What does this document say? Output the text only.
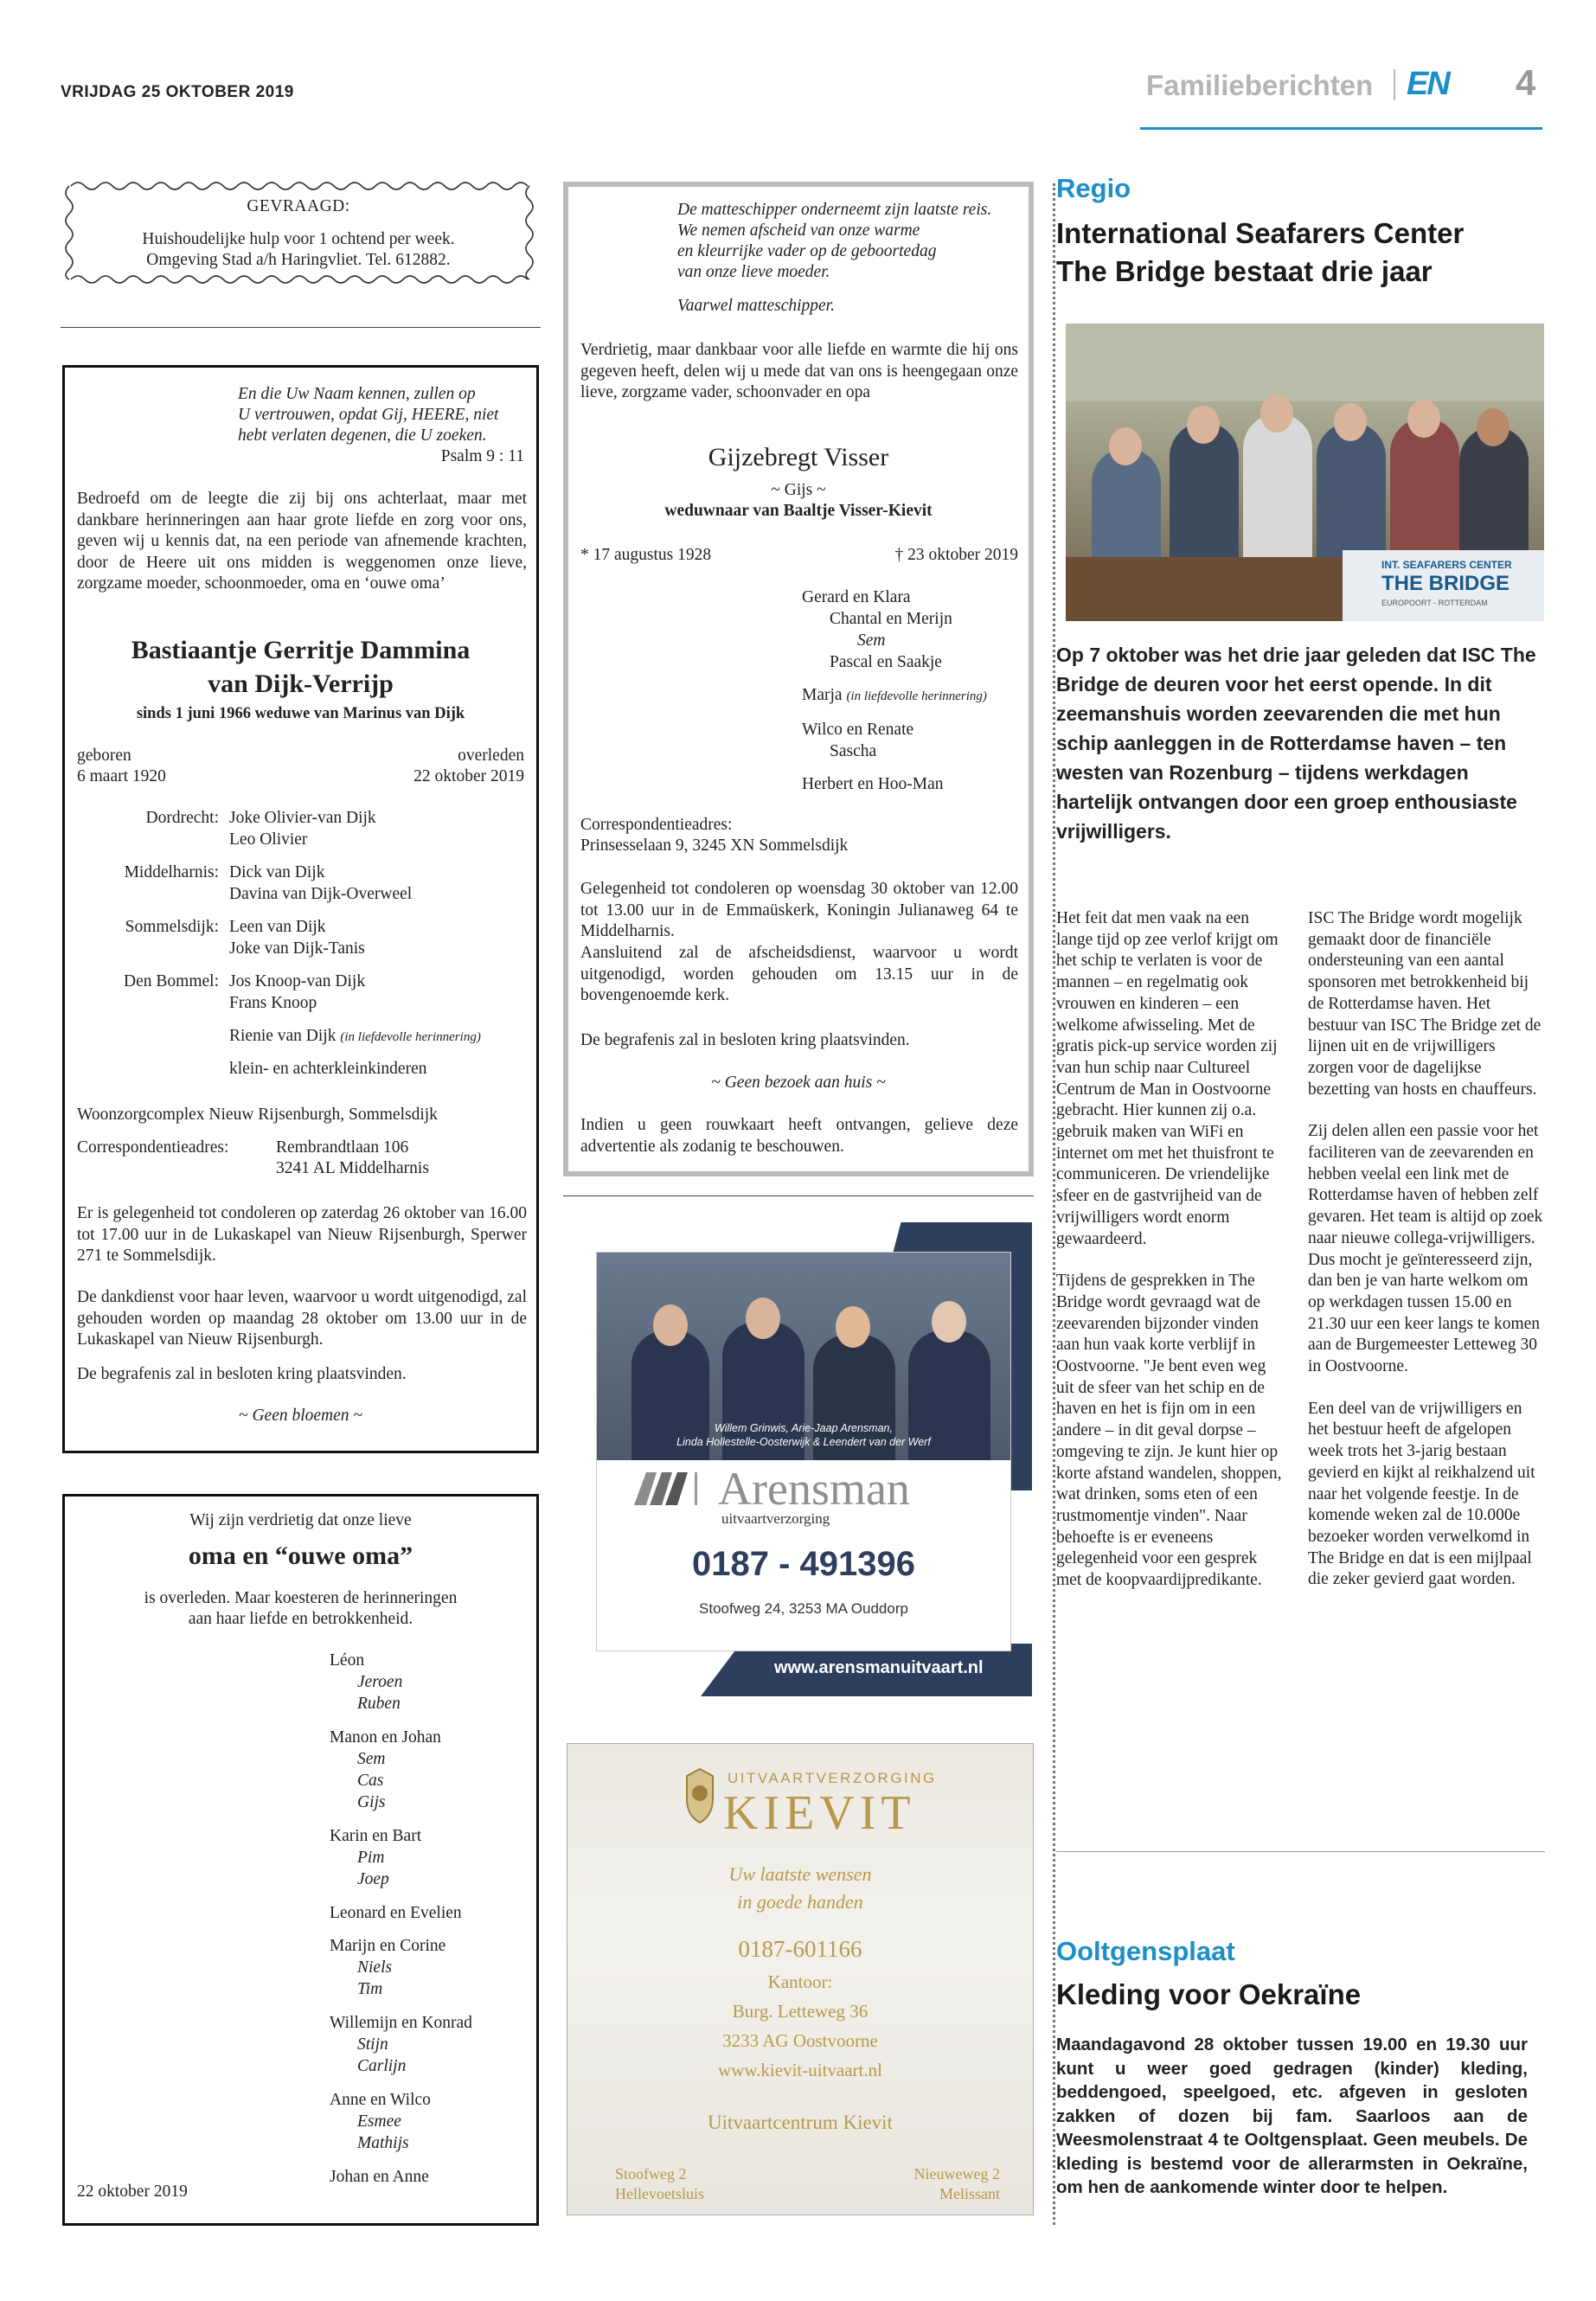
VRIJDAG 25 OKTOBER 2019	Familieberichten EN 4
GEVRAAGD:
Huishoudelijke hulp voor 1 ochtend per week.
Omgeving Stad a/h Haringvliet. Tel. 612882.
En die Uw Naam kennen, zullen op
U vertrouwen, opdat Gij, HEERE, niet
hebt verlaten degenen, die U zoeken.
Psalm 9 : 11
Bedroefd om de leegte die zij bij ons achterlaat, maar met dankbare herinneringen aan haar grote liefde en zorg voor ons, geven wij u kennis dat, na een periode van afnemende krachten, door de Heere uit ons midden is weggenomen onze lieve, zorgzame moeder, schoonmoeder, oma en ‘ouwe oma’
Bastiaantje Gerritje Dammina
van Dijk-Verrijp
sinds 1 juni 1966 weduwe van Marinus van Dijk
geboren
6 maart 1920
overleden
22 oktober 2019
Dordrecht: Joke Olivier-van Dijk
Leo Olivier
Middelharnis: Dick van Dijk
Davina van Dijk-Overweel
Sommelsdijk: Leen van Dijk
Joke van Dijk-Tanis
Den Bommel: Jos Knoop-van Dijk
Frans Knoop
Rienie van Dijk (in liefdevolle herinnering)
klein- en achterkleinkinderen
Woonzorgcomplex Nieuw Rijsenburgh, Sommelsdijk
Correspondentieadres:	Rembrandtlaan 106
3241 AL Middelharnis
Er is gelegenheid tot condoleren op zaterdag 26 oktober van 16.00 tot 17.00 uur in de Lukaskapel van Nieuw Rijsenburgh, Sperwer 271 te Sommelsdijk.
De dankdienst voor haar leven, waarvoor u wordt uitgenodigd, zal gehouden worden op maandag 28 oktober om 13.00 uur in de Lukaskapel van Nieuw Rijsenburgh.
De begrafenis zal in besloten kring plaatsvinden.
~ Geen bloemen ~
Wij zijn verdrietig dat onze lieve
oma en “ouwe oma”
is overleden. Maar koesteren de herinneringen
aan haar liefde en betrokkenheid.
Léon
Jeroen
Ruben
Manon en Johan
Sem
Cas
Gijs
Karin en Bart
Pim
Joep
Leonard en Evelien
Marijn en Corine
Niels
Tim
Willemijn en Konrad
Stijn
Carlijn
Anne en Wilco
Esmee
Mathijs
Johan en Anne
22 oktober 2019
De matteschipper onderneemt zijn laatste reis.
We nemen afscheid van onze warme
en kleurrijke vader op de geboortedag
van onze lieve moeder.
Vaarwel matteschipper.
Verdrietig, maar dankbaar voor alle liefde en warmte die hij ons gegeven heeft, delen wij u mede dat van ons is heengegaan onze lieve, zorgzame vader, schoonvader en opa
Gijzebregt Visser
~ Gijs ~
weduwnaar van Baaltje Visser-Kievit
* 17 augustus 1928	† 23 oktober 2019
Gerard en Klara
Chantal en Merijn
Sem
Pascal en Saakje
Marja (in liefdevolle herinnering)
Wilco en Renate
Sascha
Herbert en Hoo-Man
Correspondentieadres:
Prinsesselaan 9, 3245 XN Sommelsdijk
Gelegenheid tot condoleren op woensdag 30 oktober van 12.00 tot 13.00 uur in de Emmaüskerk, Koningin Julianaweg 64 te Middelharnis.
Aansluitend zal de afscheidsdienst, waarvoor u wordt uitgenodigd, worden gehouden om 13.15 uur in de bovengenoemde kerk.
De begrafenis zal in besloten kring plaatsvinden.
~ Geen bezoek aan huis ~
Indien u geen rouwkaart heeft ontvangen, gelieve deze advertentie als zodanig te beschouwen.
Willem Grinwis, Arie-Jaap Arensman,
Linda Hollestelle-Oosterwijk & Leendert van der Werf
Arensman
uitvaartverzorging
0187 - 491396
Stoofweg 24, 3253 MA Ouddorp
www.arensmanuitvaart.nl
UITVAARTVERZORGING
KIEVIT
Uw laatste wensen
in goede handen
0187-601166
Kantoor:
Burg. Letteweg 36
3233 AG Oostvoorne
www.kievit-uitvaart.nl
Uitvaartcentrum Kievit
Stoofweg 2
Hellevoetsluis
Nieuweweg 2
Melissant
Regio
International Seafarers Center
The Bridge bestaat drie jaar
INT. SEAFARERS CENTER
THE BRIDGE
EUROPOORT - ROTTERDAM
Op 7 oktober was het drie jaar geleden dat ISC The Bridge de deuren voor het eerst opende. In dit zeemanshuis worden zeevarenden die met hun schip aanleggen in de Rotterdamse haven – ten westen van Rozenburg – tijdens werkdagen hartelijk ontvangen door een groep enthousiaste vrijwilligers.

Het feit dat men vaak na een lange tijd op zee verlof krijgt om het schip te verlaten is voor de mannen – en regelmatig ook vrouwen en kinderen – een welkome afwisseling. Met de gratis pick-up service worden zij van hun schip naar Cultureel Centrum de Man in Oostvoorne gebracht. Hier kunnen zij o.a. gebruik maken van WiFi en internet om met het thuisfront te communiceren. De vriendelijke sfeer en de gastvrijheid van de vrijwilligers wordt enorm gewaardeerd.

Tijdens de gesprekken in The Bridge wordt gevraagd wat de zeevarenden bijzonder vinden aan hun vaak korte verblijf in Oostvoorne. "Je bent even weg uit de sfeer van het schip en de haven en het is fijn om in een andere – in dit geval dorpse – omgeving te zijn. Je kunt hier op korte afstand wandelen, shoppen, wat drinken, soms eten of een rustmomentje vinden". Naar behoefte is er eveneens gelegenheid voor een gesprek met de koopvaardijpredikante.

ISC The Bridge wordt mogelijk gemaakt door de financiële ondersteuning van een aantal sponsoren met betrokkenheid bij de Rotterdamse haven. Het bestuur van ISC The Bridge zet de lijnen uit en de vrijwilligers zorgen voor de dagelijkse bezetting van hosts en chauffeurs.

Zij delen allen een passie voor het faciliteren van de zeevarenden en hebben veelal een link met de Rotterdamse haven of hebben zelf gevaren. Het team is altijd op zoek naar nieuwe collega-vrijwilligers. Dus mocht je geïnteresseerd zijn, dan ben je van harte welkom om op werkdagen tussen 15.00 en 21.30 uur een keer langs te komen aan de Burgemeester Letteweg 30 in Oostvoorne.

Een deel van de vrijwilligers en het bestuur heeft de afgelopen week trots het 3-jarig bestaan gevierd en kijkt al reikhalzend uit naar het volgende feestje. In de komende weken zal de 10.000e bezoeker worden verwelkomd in The Bridge en dat is een mijlpaal die zeker gevierd gaat worden.

Ooltgensplaat
Kleding voor Oekraïne
Maandagavond 28 oktober tussen 19.00 en 19.30 uur kunt u weer goed gedragen (kinder) kleding, beddengoed, speelgoed, etc. afgeven in gesloten zakken of dozen bij fam. Saarloos aan de Weesmolenstraat 4 te Ooltgensplaat. Geen meubels. De kleding is bestemd voor de allerarmsten in Oekraïne, om hen de aankomende winter door te helpen.
